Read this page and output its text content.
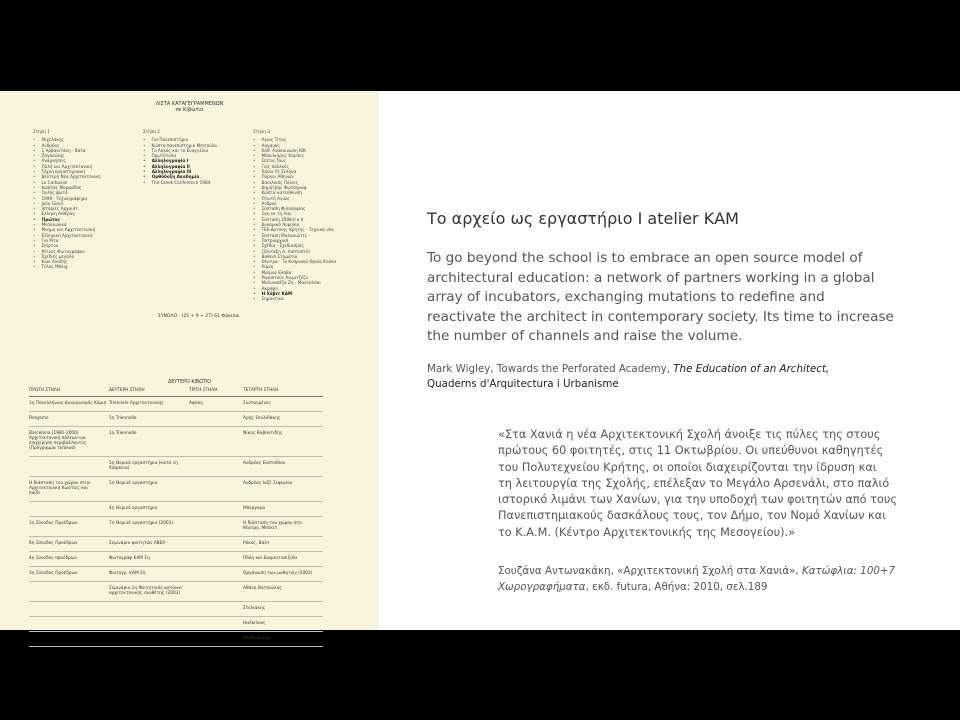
ΛΙΣΤΑ ΚΑΤΑΓΕΓΡΑΜΜΕΝΩΝ
σε Κιβώτια
Στήλη 1
• Μιχελάκης
• Ανδρέας
• 1 Αρβανιτάκη - Βάτα
• Ζάγκουλης
• Αναμνήσεις
• Πόλη και Αρχιτεκτονική
• Τέχνη εργαστηριακή
• Δεύτερη Νεα Αρχιτεκτονική
• Le Corbusier
• Κώστας Μαρμάδος
• Ουλής φωτό
• 1999 - Τεχνογράφημα
• Julio Girod
• Ιστορίες Αρχαιότ.
• Ελληνη Αιθέρας
• Πρώτος
• Μεσαιωνικά
• Μνήμη και Αρχιτεκτονική
• Ελληνική Αρχιτεκτονική
• Για Ρίτα
• Σπίρτου
• Ντίνος Φωτογράφου
• Σχεδιες μεγάλο
• Κιοκ Αναδής
• Τέλος Μπλιχ
Στήλη 2
• Για Πανεπιστήμιο
• Κώστα πανεπιστήμιο Μπιτούλα
• Το Ασκός και το Ευαγγέλιο
• Πρωτότυπα
• Αλληλογραφία Ι
• Αλληλογραφία ΙΙ
• Αλληλογραφία ΙΙΙ
• Ορθόδοξη Ακαδημία
• The Greek Conference 1984
Στήλη 3
• Αγιος Τίτος
• Λαγανάς
• Καθ. Ανακοινωση ΚΙΚ
• Μπουλιάρης Καμπος
• Σπίτια Τους
• Γιος πολλούς
• Χάνια Ρε Σελήνα
• Πύργοι Αθηνών
• Βασιλικός Πόλεις
• Δημήτρης Φωτόγραφ
• Κώστα κατεύθυνση
• Πτωτή Αγιώς
• Ανδρος
• Σύσταση Φιλοσοφίας
• 2αη εκ τη Λας
• Σύσταση 2008 ΙΙ κ.ΙΙ
• Δυναμικό Αυρηλιο
• ΤΕΕ-Δυτικής Κρήτης - Τεχνικά νέα
• Σύσταση Μαλανιώτες -
• Πατριαρχικό
• Σχέδιο - Σχεδιασμός
• (Σύνταξη Α. Λαπτοστύ)
• Βαθειά Σταμάτιο
• Θέατρα - Το Κυπριακό Θραίο Κούπα
• Λίμνη
• Μαιμού Ελάβα
• Ρυμυστούν Ανιμιτζέζο
• Μαλιναπέζα Ζη - Μανταλάκι
• Ακράφη
• Η Χάβιτ ΚΑΜ
• Σημαντικά
ΣΥΝΟΛΟ - (25 + 9 + 27) 61 Φάκελοι
ΔΕΥΤΕΡΟ ΚΙΒΩΤΙΟ
ΠΡΩΤΗ ΣΤΗΛΗ	ΔΕΥΤΕΡΗ ΣΤΗΛΗ	ΤΡΙΤΗ ΣΤΗΛΗ	ΤΕΤΑΡΤΗ ΣΤΗΛΗ
3η Πανελλήνιος Διαγωνισμός Κόμισ	Triennale Αρχιτεκτονικής	Αφίσες	Συνταγμένες
Bergamo	5η Triennalle		Άρης Σπυλιδάκης
Barcelona (1981-2000)
Αρχιτεκτονική πόλεων και
επιχείρηση περιβάλλοντος
(Πρόγραμμα τοπικού)	1η Triennalle		Νίκος Βαβαντιδης
	5η Θερινό εργαστήριο (κατά τη
διάρκεια)		Ανδρέας Ευσταθίου
Η διάσταση του χώρου στην
Αρχιτεκτονική Κωστιες και
παιδί	5η Θερινό εργαστήριο		Ανδρέας Ιαζέ Σεφερίου
	4η Θερινό εργαστήριο		Μπεργαμο
3η Σύνοδος Προέδρων	7η Θερινό εργαστήριο (2003)		Η διάσταση του χώρου στο
θέατρο, Μπέκετ
6η Σύνοδος Προέδρων	Σεμινάριο φοιτητών ΑΒΕΑ		Ρόκος, Βάλτ
4η Σύνοδος προέδρων	Φωτογράφ ΚΑΜ 1η		Πόλη και Διαμεντοσιζσία
3η Σύνοδος Προέδρων	Φωτογρ. ΚΑΜ 2η		Οργάνωση των μαθητών (2002)
	Σεμινάριο 1η Φοιτητικός κατοικο
αρχιτεκτονικής συνθέτης (2003)		Αθάνη Βατσιώλας
			Στελιάκης
			Ηαλίκλους
			Θεοδωράκης
Το αρχείο ως εργαστήριο I atelier ΚΑΜ
To go beyond the school is to embrace an open source model of
architectural education: a network of partners working in a global
array of incubators, exchanging mutations to redefine and
reactivate the architect in contemporary society. Its time to increase
the number of channels and raise the volume.
Mark Wigley, Towards the Perforated Academy, The Education of an Architect,
Quaderns d'Arquitectura i Urbanisme
«Στα Χανιά η νέα Αρχιτεκτονική Σχολή άνοιξε τις πύλες της στους
πρώτους 60 φοιτητές, στις 11 Οκτωβρίου. Οι υπεύθυνοι καθηγητές
του Πολυτεχνείου Κρήτης, οι οποίοι διαχειρίζονται την ίδρυση και
τη λειτουργία της Σχολής, επέλεξαν το Μεγάλο Αρσενάλι, στο παλιό
ιστορικό λιμάνι των Χανίων, για την υποδοχή των φοιτητών από τους
Πανεπιστημιακούς δασκάλους τους, τον Δήμο, τον Νομό Χανίων και
το Κ.Α.Μ. (Κέντρο Αρχιτεκτονικής της Μεσογείου).»
Σουζάνα Αντωνακάκη, «Αρχιτεκτονική Σχολή στα Χανιά», Κατώφλια: 100+7
Χωρογραφήματα, εκδ. futura, Αθήνα: 2010, σελ.189
